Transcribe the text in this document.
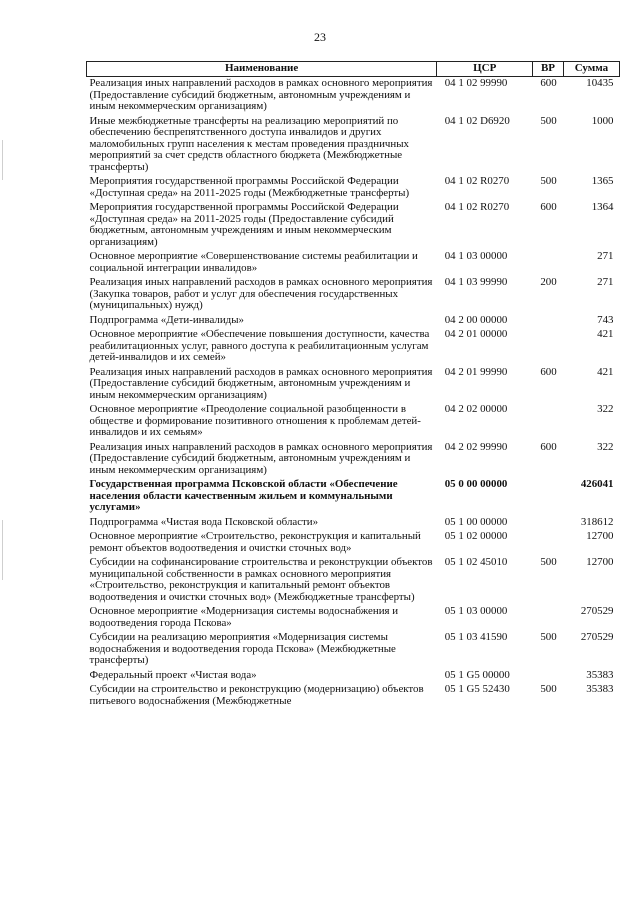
23
Наименование	ЦСР	ВР	Сумма
Реализация иных направлений расходов в рамках основного мероприятия (Предоставление субсидий бюджетным, автономным учреждениям и иным некоммерческим организациям)	04 1 02 99990	600	10435
Иные межбюджетные трансферты на реализацию мероприятий по обеспечению беспрепятственного доступа инвалидов и других маломобильных групп населения к местам проведения праздничных мероприятий за счет средств областного бюджета (Межбюджетные трансферты)	04 1 02 D6920	500	1000
Мероприятия государственной программы Российской Федерации «Доступная среда» на 2011-2025 годы (Межбюджетные трансферты)	04 1 02 R0270	500	1365
Мероприятия государственной программы Российской Федерации «Доступная среда» на 2011-2025 годы (Предоставление субсидий бюджетным, автономным учреждениям и иным некоммерческим организациям)	04 1 02 R0270	600	1364
Основное мероприятие «Совершенствование системы реабилитации и социальной интеграции инвалидов»	04 1 03 00000		271
Реализация иных направлений расходов в рамках основного мероприятия (Закупка товаров, работ и услуг для обеспечения государственных (муниципальных) нужд)	04 1 03 99990	200	271
Подпрограмма «Дети-инвалиды»	04 2 00 00000		743
Основное мероприятие «Обеспечение повышения доступности, качества реабилитационных услуг, равного доступа к реабилитационным услугам детей-инвалидов и их семей»	04 2 01 00000		421
Реализация иных направлений расходов в рамках основного мероприятия (Предоставление субсидий бюджетным, автономным учреждениям и иным некоммерческим организациям)	04 2 01 99990	600	421
Основное мероприятие «Преодоление социальной разобщенности в обществе и формирование позитивного отношения к проблемам детей-инвалидов и их семьям»	04 2 02 00000		322
Реализация иных направлений расходов в рамках основного мероприятия (Предоставление субсидий бюджетным, автономным учреждениям и иным некоммерческим организациям)	04 2 02 99990	600	322
Государственная программа Псковской области «Обеспечение населения области качественным жильем и коммунальными услугами»	05 0 00 00000		426041
Подпрограмма «Чистая вода Псковской области»	05 1 00 00000		318612
Основное мероприятие «Строительство, реконструкция и капитальный ремонт объектов водоотведения и очистки сточных вод»	05 1 02 00000		12700
Субсидии на софинансирование строительства и реконструкции объектов муниципальной собственности в рамках основного мероприятия «Строительство, реконструкция и капитальный ремонт объектов водоотведения и очистки сточных вод» (Межбюджетные трансферты)	05 1 02 45010	500	12700
Основное мероприятие «Модернизация системы водоснабжения и водоотведения города Пскова»	05 1 03 00000		270529
Субсидии на реализацию мероприятия «Модернизация системы водоснабжения и водоотведения города Пскова» (Межбюджетные трансферты)	05 1 03 41590	500	270529
Федеральный проект «Чистая вода»	05 1 G5 00000		35383
Субсидии на строительство и реконструкцию (модернизацию) объектов питьевого водоснабжения (Межбюджетные	05 1 G5 52430	500	35383
